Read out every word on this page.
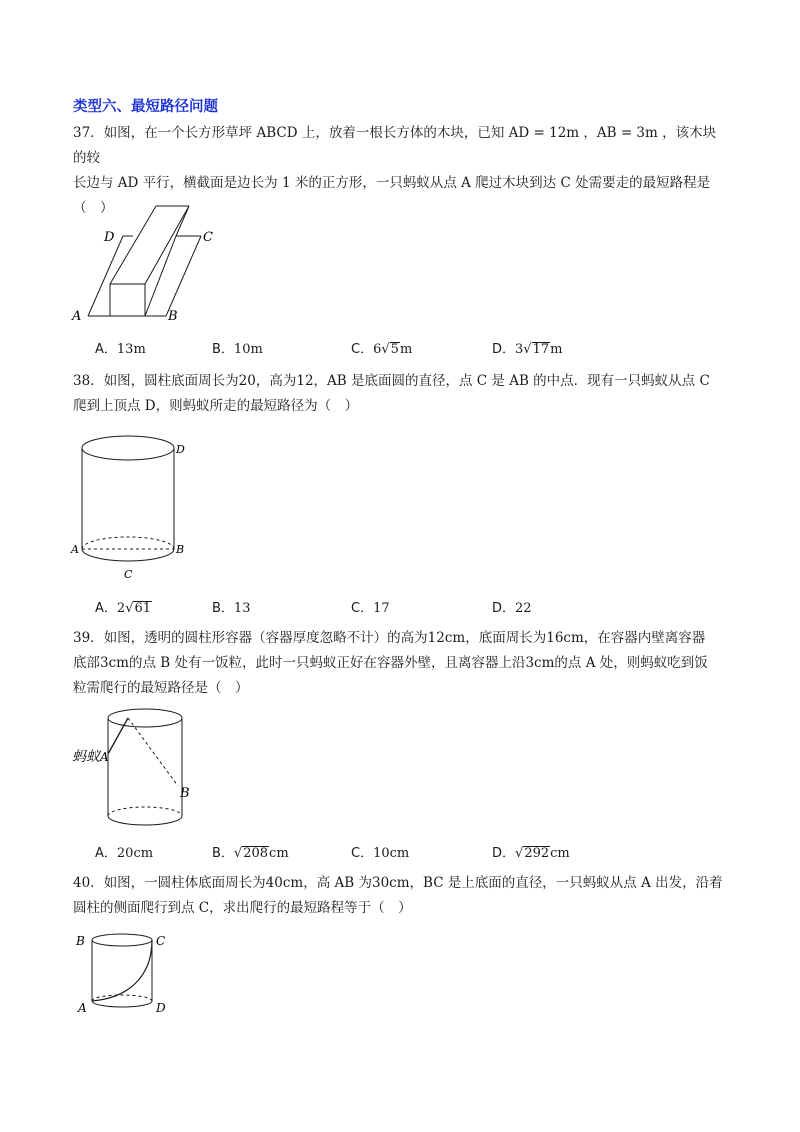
类型六、最短路径问题

37．如图，在一个长方形草坪 ABCD 上，放着一根长方体的木块，已知 AD = 12m ，AB = 3m ，该木块的较

长边与 AD 平行，横截面是边长为 1 米的正方形，一只蚂蚁从点 A 爬过木块到达 C 处需要走的最短路程是

（　）

D	C
A	B
A．13m	B．10m	C．6√5m	D．3√17m

38．如图，圆柱底面周长为20，高为12，AB 是底面圆的直径，点 C 是 AB 的中点．现有一只蚂蚁从点 C

爬到上顶点 D，则蚂蚁所走的最短路径为（　）

D
A	B
C
A．2√61	B．13	C．17	D．22

39．如图，透明的圆柱形容器（容器厚度忽略不计）的高为12cm，底面周长为16cm，在容器内壁离容器

底部3cm的点 B 处有一饭粒，此时一只蚂蚁正好在容器外壁，且离容器上沿3cm的点 A 处，则蚂蚁吃到饭

粒需爬行的最短路径是（　）

蚂蚁 A
B
A．20cm	B．√208cm	C．10cm	D．√292cm

40．如图，一圆柱体底面周长为40cm，高 AB 为30cm，BC 是上底面的直径，一只蚂蚁从点 A 出发，沿着

圆柱的侧面爬行到点 C，求出爬行的最短路程等于（　）

B	C
A	D
